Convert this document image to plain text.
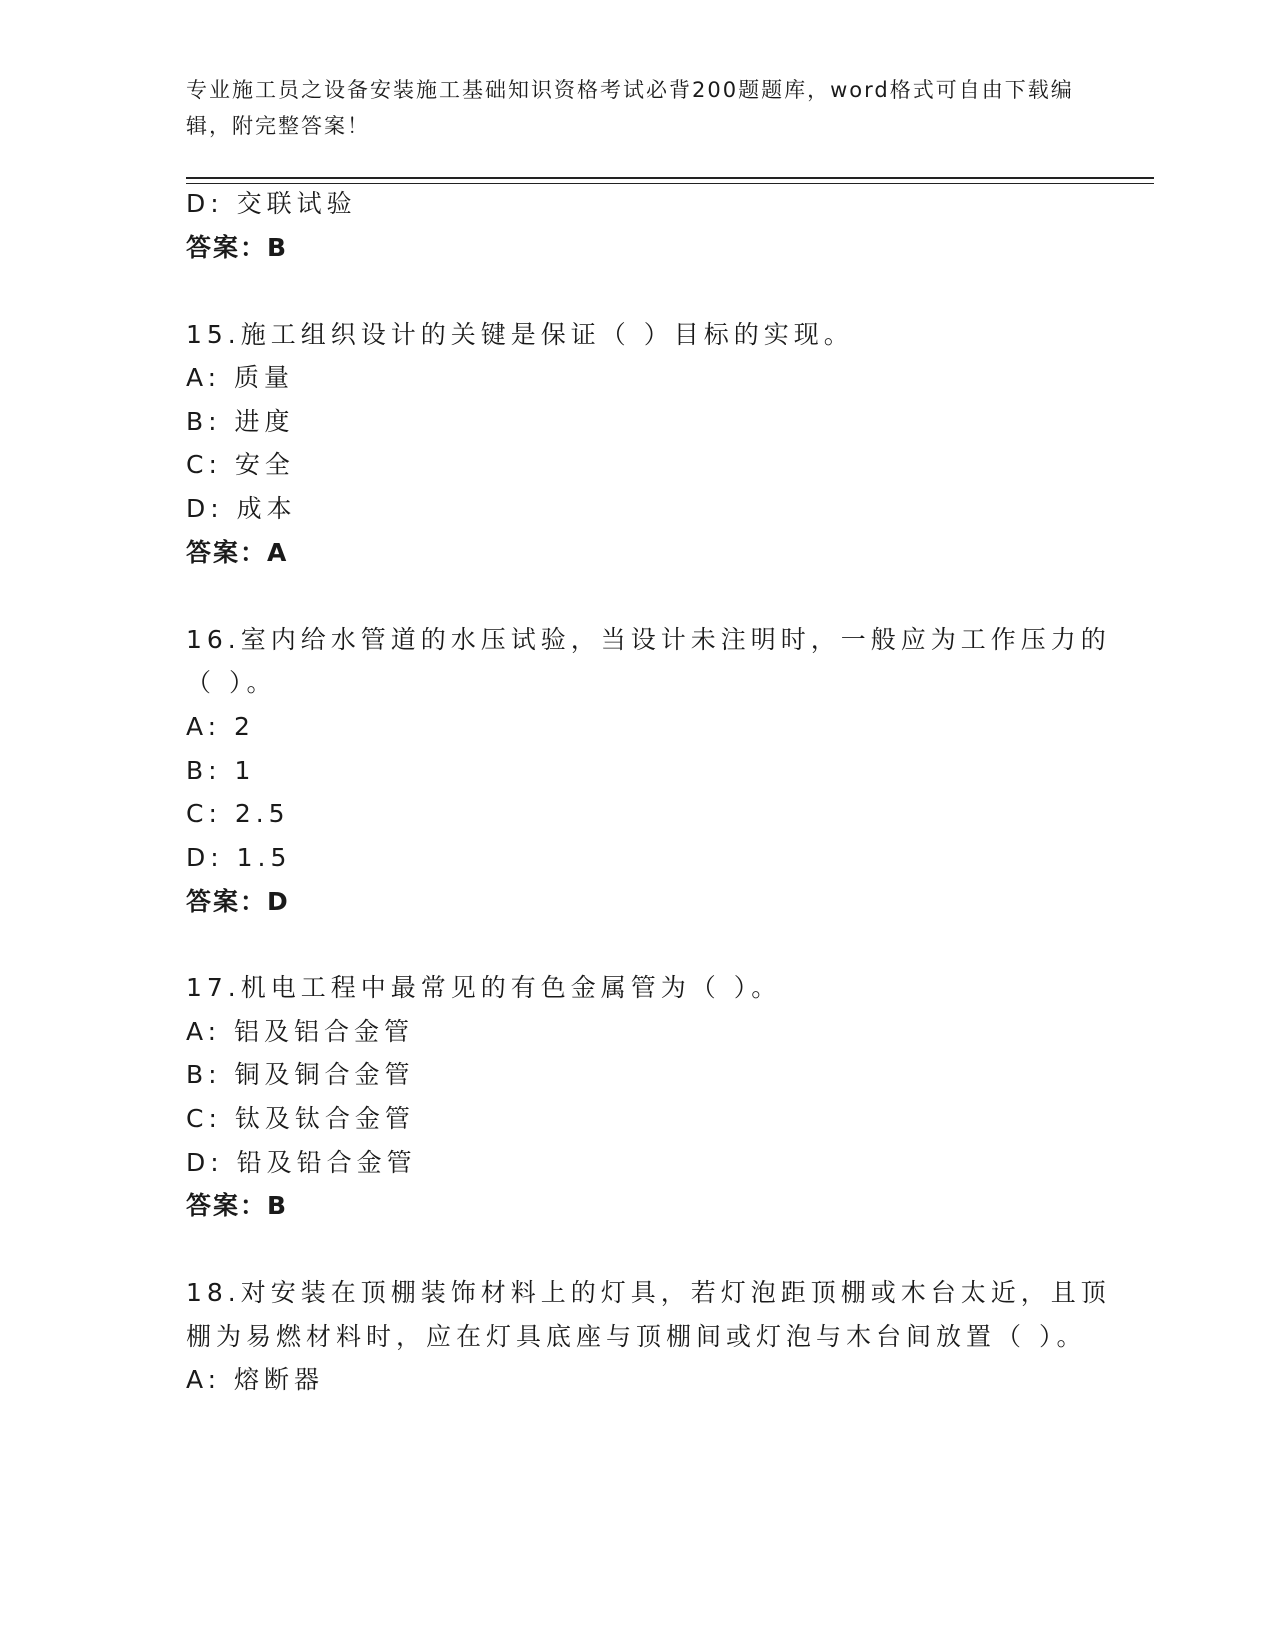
专业施工员之设备安装施工基础知识资格考试必背200题题库，word格式可自由下载编辑，附完整答案！

D: 交联试验
答案：B
15.施工组织设计的关键是保证（ ）目标的实现。
A: 质量
B: 进度
C: 安全
D: 成本
答案：A
16.室内给水管道的水压试验，当设计未注明时，一般应为工作压力的
（ ）。
A: 2
B: 1
C: 2.5
D: 1.5
答案：D
17.机电工程中最常见的有色金属管为（ ）。
A: 铝及铝合金管
B: 铜及铜合金管
C: 钛及钛合金管
D: 铅及铅合金管
答案：B
18.对安装在顶棚装饰材料上的灯具，若灯泡距顶棚或木台太近，且顶
棚为易燃材料时，应在灯具底座与顶棚间或灯泡与木台间放置（ ）。
A: 熔断器
